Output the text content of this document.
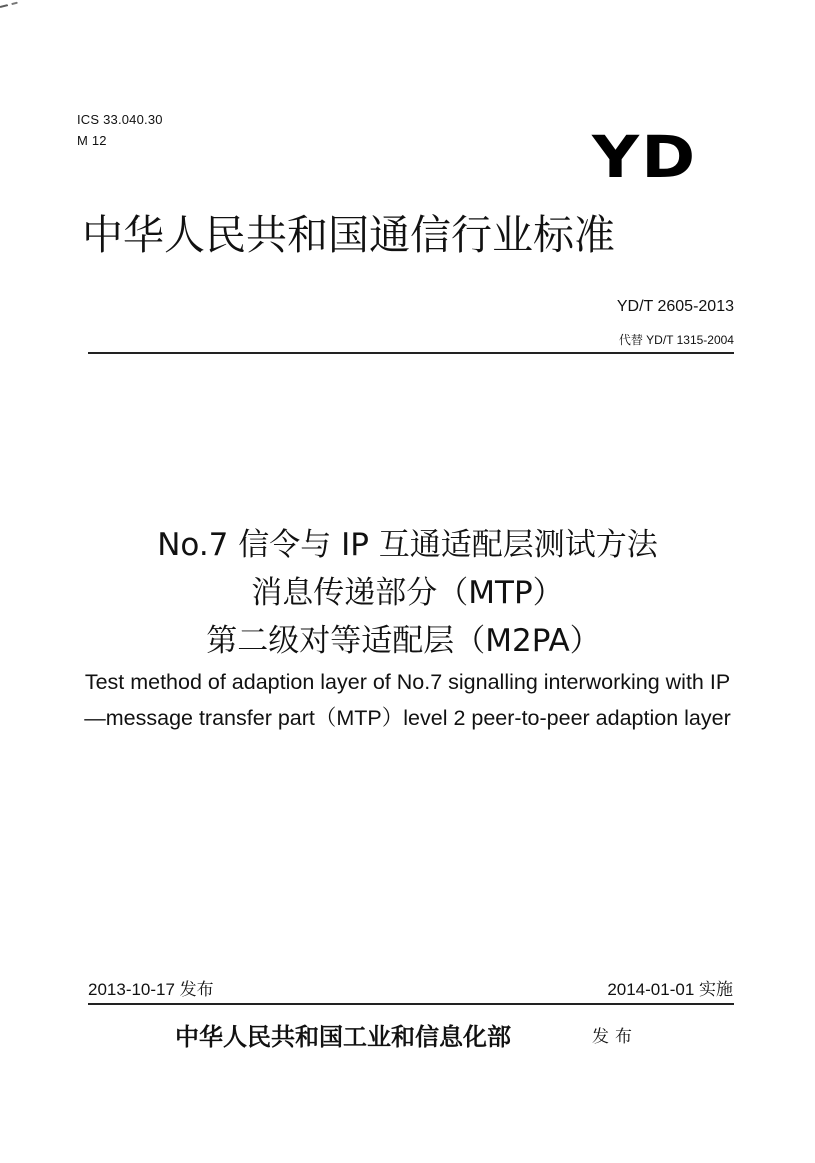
ICS 33.040.30
M 12	YD
中华人民共和国通信行业标准
YD/T 2605-2013
代替 YD/T 1315-2004
No.7 信令与 IP 互通适配层测试方法
消息传递部分（MTP）
第二级对等适配层（M2PA）
Test method of adaption layer of No.7 signalling interworking with IP
—message transfer part（MTP）level 2 peer-to-peer adaption layer
2013-10-17 发布	2014-01-01 实施
中华人民共和国工业和信息化部	发布
